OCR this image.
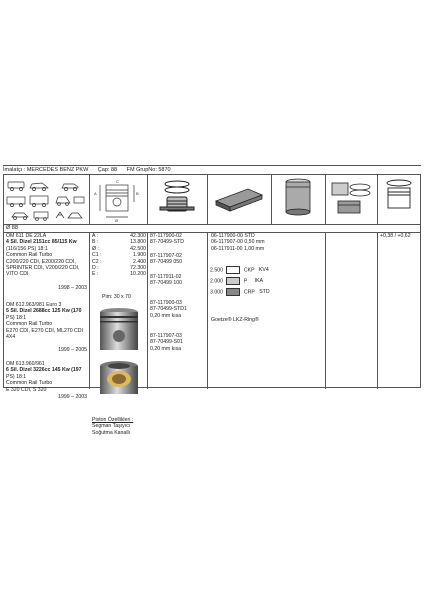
İmalatçı : MERCEDES BENZ PKW Çap: 88 FM GrupNo: 5870
A	B
C
Ø
Ø 88
OM 611 DE 22LA
4 Sil. Dizel 2151cc 85/115 Kw
(116/156 PS) 18:1
Common Rail Turbo
C200/220 CDI, E200/220 CDI,
SPRINTER CDI, V200/220 CDI,
VITO CDI
1998 – 2003
OM 612.963/981 Euro 3
5 Sil. Dizel 2688cc 125 Kw (170
PS) 18:1
Common Rail Turbo
E270 CDI, E270 CDI, ML270 CDI
4X4
1999 – 2005
OM 613.960/961
6 Sil. Dizel 3226cc 145 Kw (197
PS) 18:1
Common Rail Turbo
E 320 CDI, S 320
1999 – 2003
A :	42.300
B :	13.800
Ø :	42.500
C1 :	1.900
C2 :	2.400
D :	72.300
E :	10.200
Pim: 30 x 70
Piston Özellikleri :
Segman Taşıyıcı
Soğutma Kanallı
87-117900-02
87-70499-STD
87-117907-02
87-70499 050
87-117911-02
87-70499 100
87-117900-03
87-70499-STD1
0,20 mm kısa
87-117907-03
87-70499-S01
0,20 mm kısa
06-117900-00 STD
06-117907-00 0,50 mm
06-117911-00 1,00 mm
2.500	CKP KV4
2.000	P IKA
3.000	CRP STD
Goetze® LKZ-Ring®
+0,38 / +0,62
